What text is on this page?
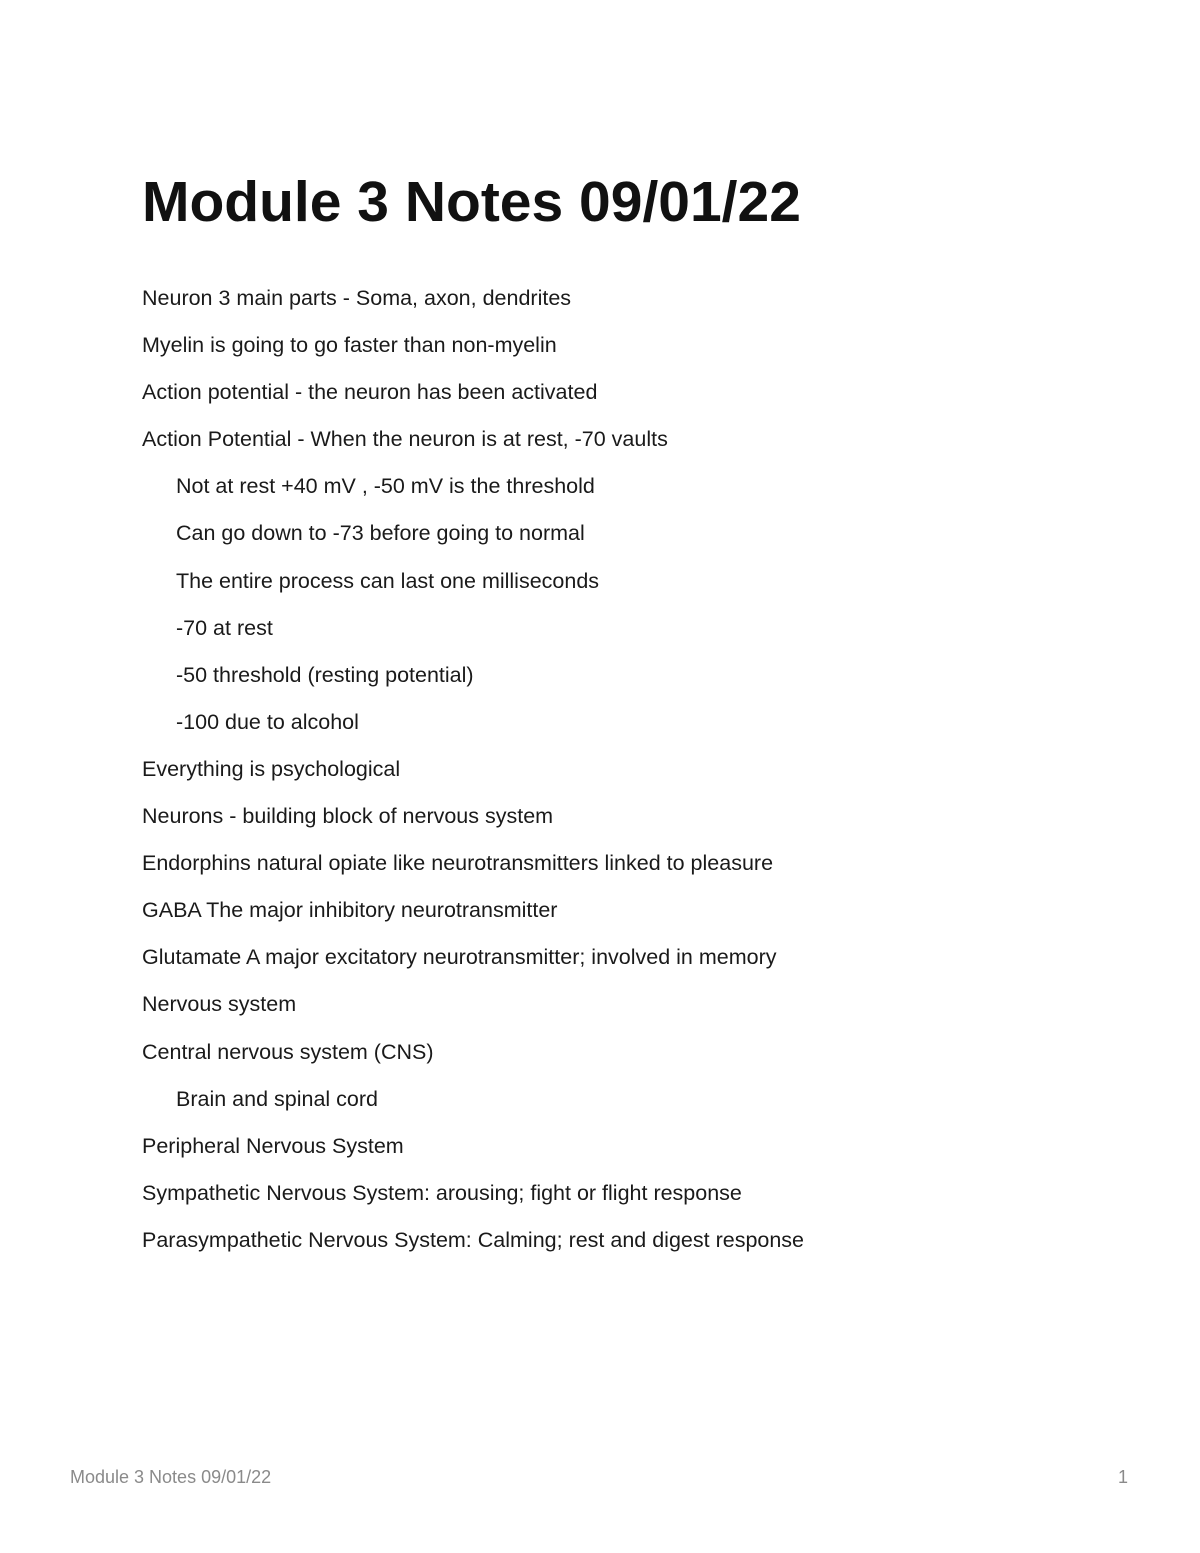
Module 3 Notes 09/01/22
Neuron 3 main parts - Soma, axon, dendrites
Myelin is going to go faster than non-myelin
Action potential - the neuron has been activated
Action Potential - When the neuron is at rest, -70 vaults
Not at rest +40 mV , -50 mV is the threshold
Can go down to -73 before going to normal
The entire process can last one milliseconds
-70 at rest
-50 threshold (resting potential)
-100 due to alcohol
Everything is psychological
Neurons - building block of nervous system
Endorphins natural opiate like neurotransmitters linked to pleasure
GABA The major inhibitory neurotransmitter
Glutamate A major excitatory neurotransmitter; involved in memory
Nervous system
Central nervous system (CNS)
Brain and spinal cord
Peripheral Nervous System
Sympathetic Nervous System: arousing; fight or flight response
Parasympathetic Nervous System: Calming; rest and digest response
Module 3 Notes 09/01/22	1
